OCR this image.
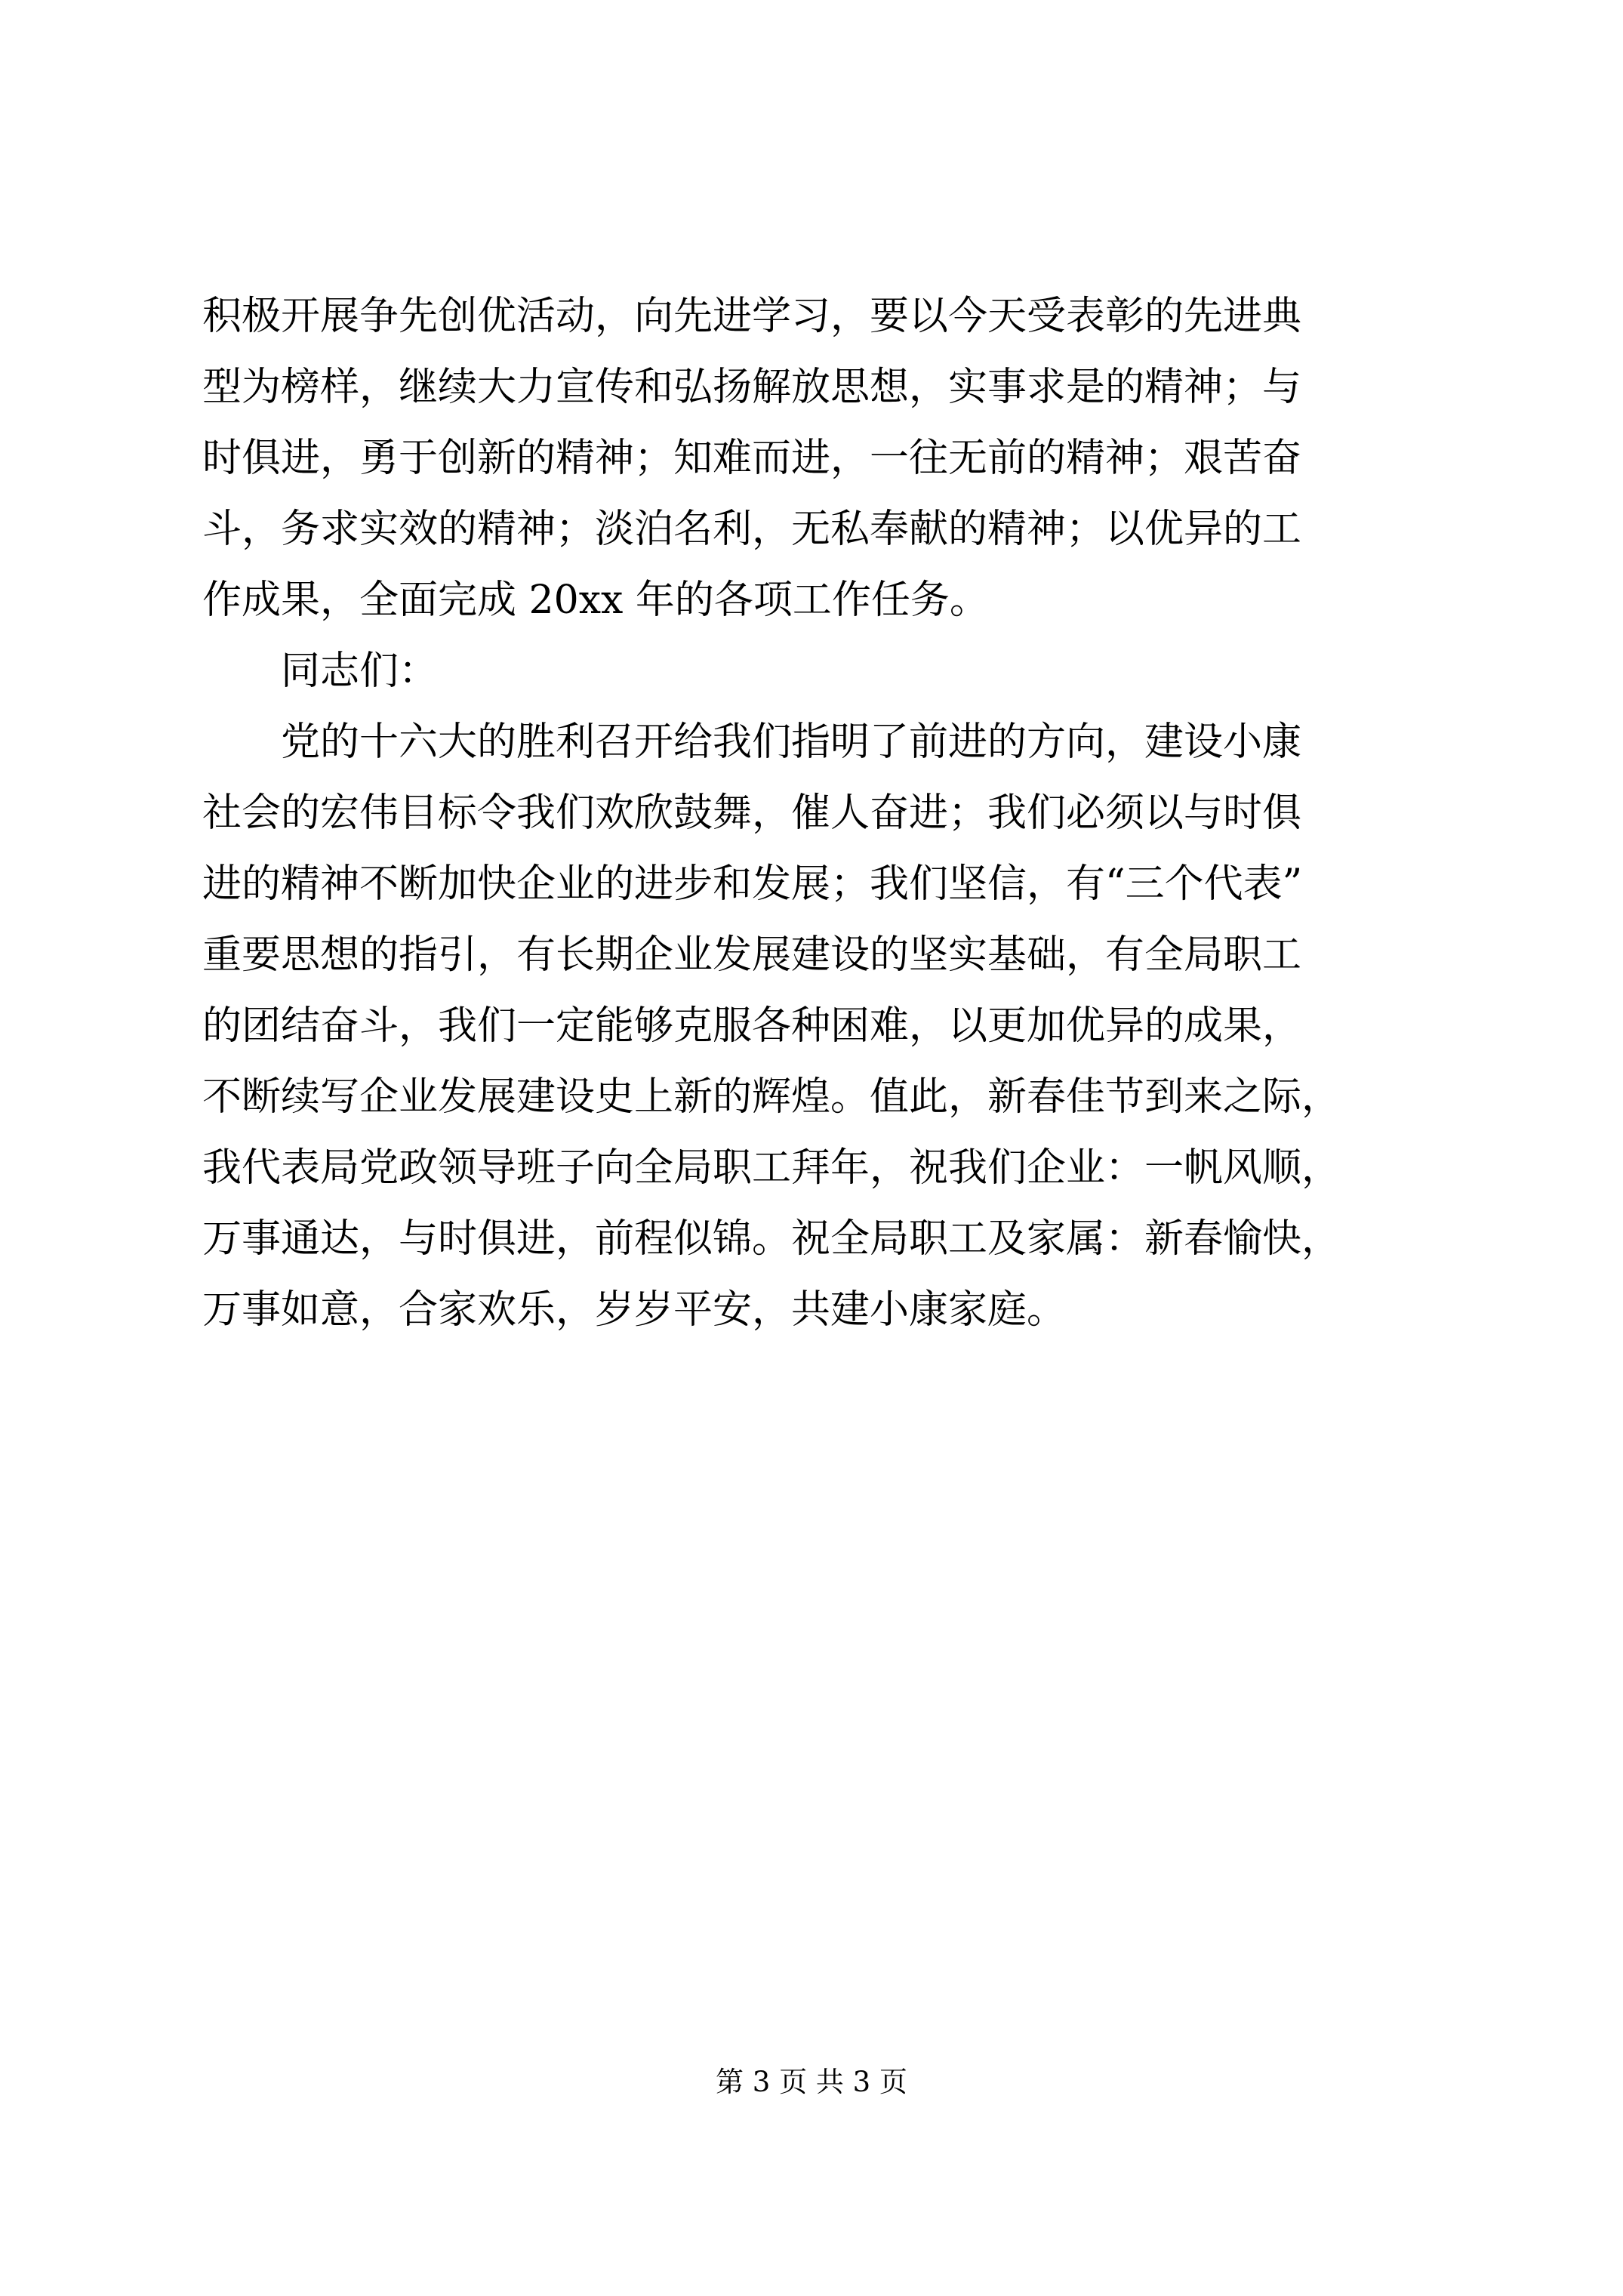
积极开展争先创优活动，向先进学习，要以今天受表彰的先进典
型为榜样，继续大力宣传和弘扬解放思想，实事求是的精神；与
时俱进，勇于创新的精神；知难而进，一往无前的精神；艰苦奋
斗，务求实效的精神；淡泊名利，无私奉献的精神；以优异的工
作成果，全面完成 20xx 年的各项工作任务。
同志们：
党的十六大的胜利召开给我们指明了前进的方向，建设小康
社会的宏伟目标令我们欢欣鼓舞，催人奋进；我们必须以与时俱
进的精神不断加快企业的进步和发展；我们坚信，有“三个代表”
重要思想的指引，有长期企业发展建设的坚实基础，有全局职工
的团结奋斗，我们一定能够克服各种困难，以更加优异的成果，
不断续写企业发展建设史上新的辉煌。值此，新春佳节到来之际，
我代表局党政领导班子向全局职工拜年，祝我们企业：一帆风顺，
万事通达，与时俱进，前程似锦。祝全局职工及家属：新春愉快，
万事如意，合家欢乐，岁岁平安，共建小康家庭。
第 3 页 共 3 页
